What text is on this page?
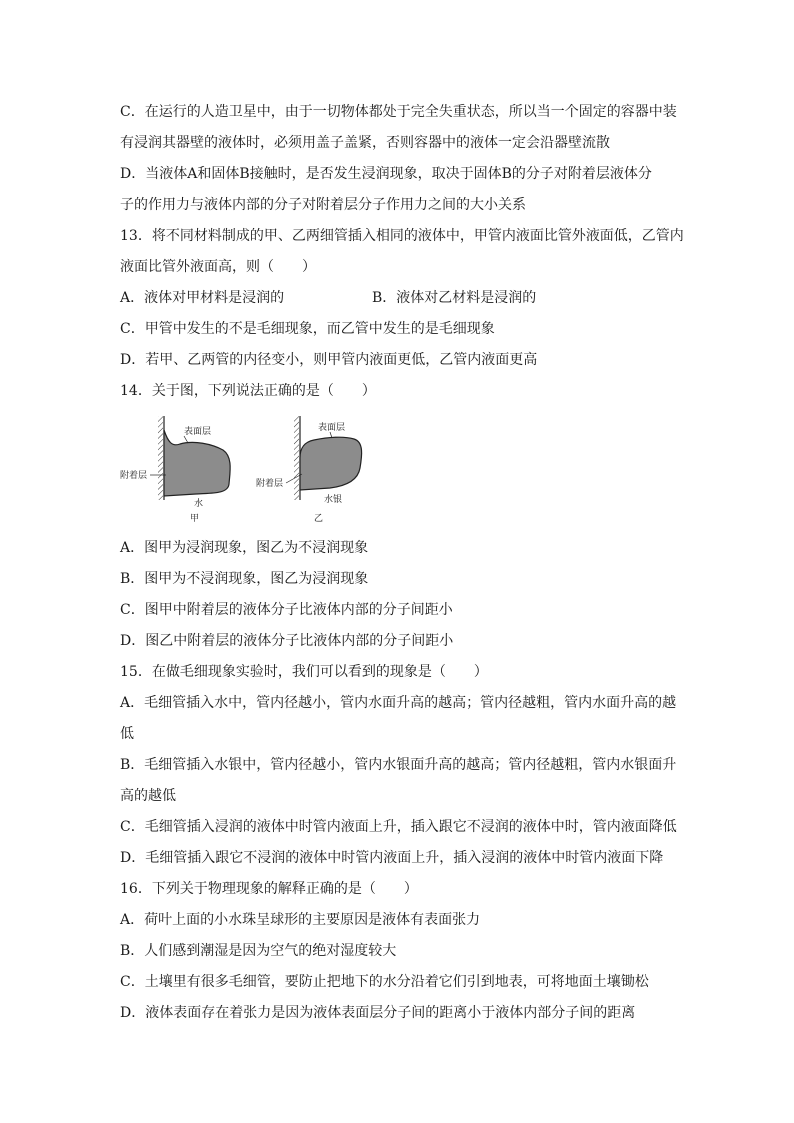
C．在运行的人造卫星中，由于一切物体都处于完全失重状态，所以当一个固定的容器中装
有浸润其器壁的液体时，必须用盖子盖紧，否则容器中的液体一定会沿器壁流散
D．当液体A和固体B接触时，是否发生浸润现象，取决于固体B的分子对附着层液体分
子的作用力与液体内部的分子对附着层分子作用力之间的大小关系
13．将不同材料制成的甲、乙两细管插入相同的液体中，甲管内液面比管外液面低，乙管内
液面比管外液面高，则（　　）
A．液体对甲材料是浸润的	B．液体对乙材料是浸润的
C．甲管中发生的不是毛细现象，而乙管中发生的是毛细现象
D．若甲、乙两管的内径变小，则甲管内液面更低，乙管内液面更高
14．关于图，下列说法正确的是（　　）
表面层
附着层
水
甲
表面层
附着层
水银
乙
A．图甲为浸润现象，图乙为不浸润现象
B．图甲为不浸润现象，图乙为浸润现象
C．图甲中附着层的液体分子比液体内部的分子间距小
D．图乙中附着层的液体分子比液体内部的分子间距小
15．在做毛细现象实验时，我们可以看到的现象是（　　）
A．毛细管插入水中，管内径越小，管内水面升高的越高；管内径越粗，管内水面升高的越
低
B．毛细管插入水银中，管内径越小，管内水银面升高的越高；管内径越粗，管内水银面升
高的越低
C．毛细管插入浸润的液体中时管内液面上升，插入跟它不浸润的液体中时，管内液面降低
D．毛细管插入跟它不浸润的液体中时管内液面上升，插入浸润的液体中时管内液面下降
16．下列关于物理现象的解释正确的是（　　）
A．荷叶上面的小水珠呈球形的主要原因是液体有表面张力
B．人们感到潮湿是因为空气的绝对湿度较大
C．土壤里有很多毛细管，要防止把地下的水分沿着它们引到地表，可将地面土壤锄松
D．液体表面存在着张力是因为液体表面层分子间的距离小于液体内部分子间的距离
